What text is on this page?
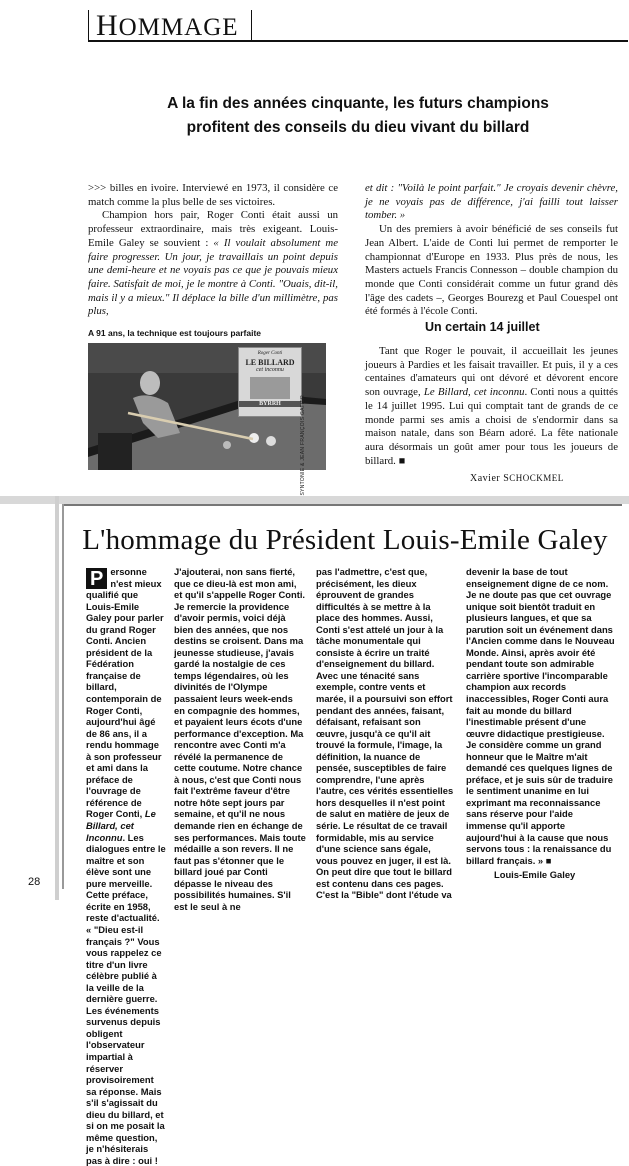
HOMMAGE
A la fin des années cinquante, les futurs champions
profitent des conseils du dieu vivant du billard

>>> billes en ivoire. Interviewé en 1973, il considère ce match comme la plus belle de ses victoires.

Champion hors pair, Roger Conti était aussi un professeur extraordinaire, mais très exigeant. Louis-Emile Galey se souvient : « Il voulait absolument me faire progresser. Un jour, je travaillais un point depuis une demi-heure et ne voyais pas ce que je pouvais mieux faire. Satisfait de moi, je le montre à Conti. "Ouais, dit-il, mais il y a mieux." Il déplace la bille d'un millimètre, pas plus,

A 91 ans, la technique est toujours parfaite
Roger Conti
LE BILLARD
cet inconnu
BYRRH	SYNTONIE & JEAN FRANÇOIS GATIER

et dit : "Voilà le point parfait." Je croyais devenir chèvre, je ne voyais pas de différence, j'ai failli tout laisser tomber. »

Un des premiers à avoir bénéficié de ses conseils fut Jean Albert. L'aide de Conti lui permet de remporter le championnat d'Europe en 1933. Plus près de nous, les Masters actuels Francis Connesson – double champion du monde que Conti considérait comme un futur grand dès l'âge des cadets –, Georges Bourezg et Paul Couespel ont été formés à l'école Conti.

Un certain 14 juillet

Tant que Roger le pouvait, il accueillait les jeunes joueurs à Pardies et les faisait travailler. Et puis, il y a ces centaines d'amateurs qui ont dévoré et dévorent encore son ouvrage, Le Billard, cet inconnu. Conti nous a quittés le 14 juillet 1995. Lui qui comptait tant de grands de ce monde parmi ses amis a choisi de s'endormir dans sa maison natale, dans son Béarn adoré. La fête nationale aura désormais un goût amer pour tous les joueurs de billard. ■

Xavier SCHOCKMEL
L'hommage du Président Louis-Emile Galey
P ersonne n'est mieux qualifié que Louis-Emile Galey pour parler du grand Roger Conti. Ancien président de la Fédération française de billard, contemporain de Roger Conti, aujourd'hui âgé de 86 ans, il a rendu hommage à son professeur et ami dans la préface de l'ouvrage de référence de Roger Conti, Le Billard, cet Inconnu. Les dialogues entre le maître et son élève sont une pure merveille. Cette préface, écrite en 1958, reste d'actualité. « "Dieu est-il français ?" Vous vous rappelez ce titre d'un livre célèbre publié à la veille de la dernière guerre. Les événements survenus depuis obligent l'observateur impartial à réserver provisoirement sa réponse. Mais s'il s'agissait du dieu du billard, et si on me posait la même question, je n'hésiterais pas à dire : oui !
J'ajouterai, non sans fierté, que ce dieu-là est mon ami, et qu'il s'appelle Roger Conti. Je remercie la providence d'avoir permis, voici déjà bien des années, que nos destins se croisent. Dans ma jeunesse studieuse, j'avais gardé la nostalgie de ces temps légendaires, où les divinités de l'Olympe passaient leurs week-ends en compagnie des hommes, et payaient leurs écots d'une performance d'exception. Ma rencontre avec Conti m'a révélé la permanence de cette coutume. Notre chance à nous, c'est que Conti nous fait l'extrême faveur d'être notre hôte sept jours par semaine, et qu'il ne nous demande rien en échange de ses performances. Mais toute médaille a son revers. Il ne faut pas s'étonner que le billard joué par Conti dépasse le niveau des possibilités humaines. S'il est le seul à ne
pas l'admettre, c'est que, précisément, les dieux éprouvent de grandes difficultés à se mettre à la place des hommes. Aussi, Conti s'est attelé un jour à la tâche monumentale qui consiste à écrire un traité d'enseignement du billard. Avec une ténacité sans exemple, contre vents et marée, il a poursuivi son effort pendant des années, faisant, défaisant, refaisant son œuvre, jusqu'à ce qu'il ait trouvé la formule, l'image, la définition, la nuance de pensée, susceptibles de faire comprendre, l'une après l'autre, ces vérités essentielles hors desquelles il n'est point de salut en matière de jeux de série. Le résultat de ce travail formidable, mis au service d'une science sans égale, vous pouvez en juger, il est là. On peut dire que tout le billard est contenu dans ces pages. C'est la "Bible" dont l'étude va
devenir la base de tout enseignement digne de ce nom. Je ne doute pas que cet ouvrage unique soit bientôt traduit en plusieurs langues, et que sa parution soit un événement dans l'Ancien comme dans le Nouveau Monde. Ainsi, après avoir été pendant toute son admirable carrière sportive l'incomparable champion aux records inaccessibles, Roger Conti aura fait au monde du billard l'inestimable présent d'une œuvre didactique prestigieuse. Je considère comme un grand honneur que le Maître m'ait demandé ces quelques lignes de préface, et je suis sûr de traduire le sentiment unanime en lui exprimant ma reconnaissance sans réserve pour l'aide immense qu'il apporte aujourd'hui à la cause que nous servons tous : la renaissance du billard français. » ■
Louis-Emile Galey
28
